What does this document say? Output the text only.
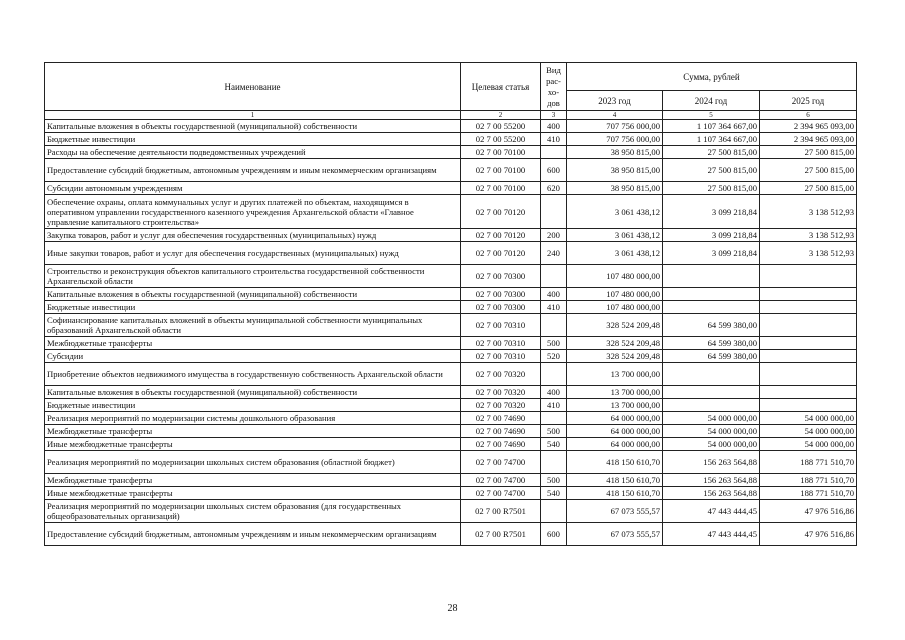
Наименование	Целевая статья	Вид рас-хо-дов	Сумма, рублей		
			2023 год	2024 год	2025 год
1	2	3	4	5	6
Капитальные вложения в объекты государственной (муниципальной) собственности	02 7 00 55200	400	707 756 000,00	1 107 364 667,00	2 394 965 093,00
Бюджетные инвестиции	02 7 00 55200	410	707 756 000,00	1 107 364 667,00	2 394 965 093,00
Расходы на обеспечение деятельности подведомственных учреждений	02 7 00 70100		38 950 815,00	27 500 815,00	27 500 815,00
Предоставление субсидий бюджетным, автономным учреждениям и иным некоммерческим организациям	02 7 00 70100	600	38 950 815,00	27 500 815,00	27 500 815,00
Субсидии автономным учреждениям	02 7 00 70100	620	38 950 815,00	27 500 815,00	27 500 815,00
Обеспечение охраны, оплата коммунальных услуг и других платежей по объектам, находящимся в оперативном управлении государственного казенного учреждения Архангельской области «Главное управление капитального строительства»	02 7 00 70120		3 061 438,12	3 099 218,84	3 138 512,93
Закупка товаров, работ и услуг для обеспечения государственных (муниципальных) нужд	02 7 00 70120	200	3 061 438,12	3 099 218,84	3 138 512,93
Иные закупки товаров, работ и услуг для обеспечения государственных (муниципальных) нужд	02 7 00 70120	240	3 061 438,12	3 099 218,84	3 138 512,93
Строительство и реконструкция объектов капитального строительства государственной собственности Архангельской области	02 7 00 70300		107 480 000,00		
Капитальные вложения в объекты государственной (муниципальной) собственности	02 7 00 70300	400	107 480 000,00		
Бюджетные инвестиции	02 7 00 70300	410	107 480 000,00		
Софинансирование капитальных вложений в объекты муниципальной собственности муниципальных образований Архангельской области	02 7 00 70310		328 524 209,48	64 599 380,00	
Межбюджетные трансферты	02 7 00 70310	500	328 524 209,48	64 599 380,00	
Субсидии	02 7 00 70310	520	328 524 209,48	64 599 380,00	
Приобретение объектов недвижимого имущества в государственную собственность Архангельской области	02 7 00 70320		13 700 000,00		
Капитальные вложения в объекты государственной (муниципальной) собственности	02 7 00 70320	400	13 700 000,00		
Бюджетные инвестиции	02 7 00 70320	410	13 700 000,00		
Реализация мероприятий по модернизации системы дошкольного образования	02 7 00 74690		64 000 000,00	54 000 000,00	54 000 000,00
Межбюджетные трансферты	02 7 00 74690	500	64 000 000,00	54 000 000,00	54 000 000,00
Иные межбюджетные трансферты	02 7 00 74690	540	64 000 000,00	54 000 000,00	54 000 000,00
Реализация мероприятий по модернизации школьных систем образования (областной бюджет)	02 7 00 74700		418 150 610,70	156 263 564,88	188 771 510,70
Межбюджетные трансферты	02 7 00 74700	500	418 150 610,70	156 263 564,88	188 771 510,70
Иные межбюджетные трансферты	02 7 00 74700	540	418 150 610,70	156 263 564,88	188 771 510,70
Реализация мероприятий по модернизации школьных систем образования (для государственных общеобразовательных организаций)	02 7 00 R7501		67 073 555,57	47 443 444,45	47 976 516,86
Предоставление субсидий бюджетным, автономным учреждениям и иным некоммерческим организациям	02 7 00 R7501	600	67 073 555,57	47 443 444,45	47 976 516,86
28
